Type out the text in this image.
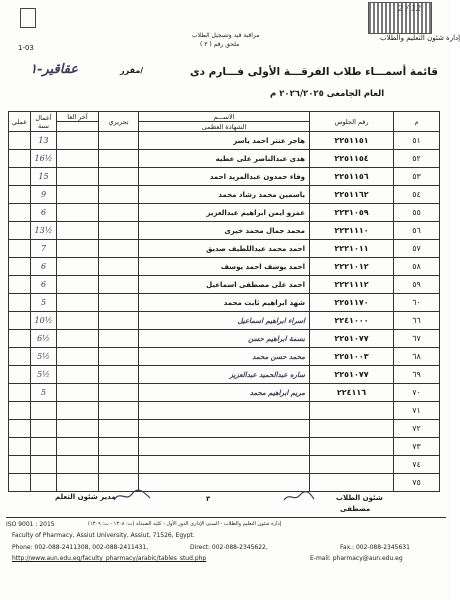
2 / 12
إدارة شئون التعليم والطلاب
مراقبة قيد وتسجيل الطلاب
ملحق رقم ( ٣ )
1-03
قائمة أسمـــاء طلاب الفرقـــة الأولى فـــارم دى
العام الجامعى ٢٠٢٦/٢٠٢٥ م
مقرر/
عقاقير-١
عملي	أعمال سنة	آخر العا	تحريري	الاســـم	رقم الجلوس	م
				الشهادة العظمى		
	13			هاجر عنتر احمد ياسر	٢٢٥١١٥١	٥١
	16½			هدى عبدالناصر على عطيه	٢٢٥١١٥٤	٥٢
	15			وفاء حمدون عبدالمريد احمد	٢٢٥١١٥٦	٥٣
	9			ياسمين محمد رشاد محمد	٢٢٥١١٦٢	٥٤
	6			عمرو ايمن ابراهيم عبدالعزيز	٢٢٣١٠٥٩	٥٥
	13½			محمد جمال محمد خيرى	٢٢٣١١١٠	٥٦
	7			احمد محمد عبداللطيف صديق	٢٢٢١٠١١	٥٧
	6			احمد يوسف احمد يوسف	٢٢٢١٠١٢	٥٨
	6			احمد على مصطفى اسماعيل	٢٢٢١١١٢	٥٩
	5			شهد ابراهيم ثابت محمد	٢٢٥١١٧٠	٦٠
	10½			اسراء ابراهيم اسماعيل	٢٢٤١٠٠٠	٦٦
	6½			بسمة ابراهيم حسن	٢٢٥١٠٧٧	٦٧
	5½			محمد حسن محمد	٢٢٥١٠٠٣	٦٨
	5½			ساره عبدالحميد عبدالعزيز	٢٢٥١٠٧٧	٦٩
	5			مريم ابراهيم محمد	٢٢٤١١٦	٧٠
						٧١
						٧٢
						٧٣
						٧٤
						٧٥
مدير شئون التعلم	٣	شئون الطلاب
مصطفى
ISO 9001 : 2015	إدارة شئون التعليم والطلاب - المبنى الإدارى الدور الأول - كلية الصيدلة (ت: ١٣٠٨ - ت: ١٣٠٩)
Faculty of Pharmacy, Assiut University, Assiut, 71526, Egypt.
Phone: 002-088-2411308, 002-088-2411431,	Direct: 002-088-2345622,	Fax.: 002-088-2345631
http://www.aun.edu.eg/faculty_pharmacy/arabic/tables_stud.php	E-mail: pharmacy@aun.edu.eg
